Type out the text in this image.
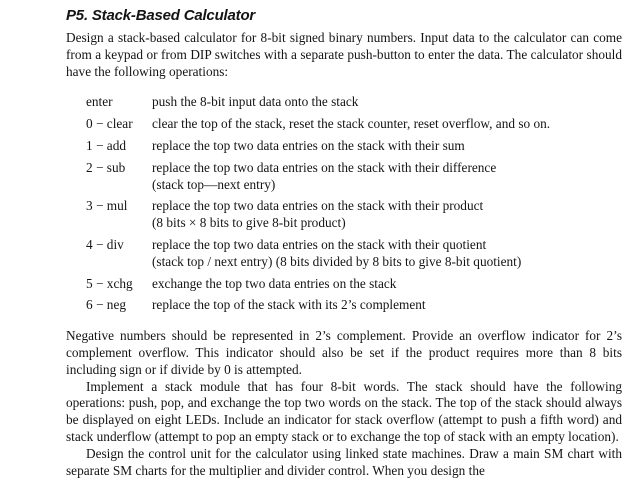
P5. Stack-Based Calculator

Design a stack-based calculator for 8-bit signed binary numbers. Input data to the calculator can come from a keypad or from DIP switches with a separate push-button to enter the data. The calculator should have the following operations:

enter	push the 8-bit input data onto the stack
0 − clear	clear the top of the stack, reset the stack counter, reset overflow, and so on.
1 − add	replace the top two data entries on the stack with their sum
2 − sub	replace the top two data entries on the stack with their difference
(stack top—next entry)
3 − mul	replace the top two data entries on the stack with their product
(8 bits × 8 bits to give 8-bit product)
4 − div	replace the top two data entries on the stack with their quotient
(stack top / next entry) (8 bits divided by 8 bits to give 8-bit quotient)
5 − xchg	exchange the top two data entries on the stack
6 − neg	replace the top of the stack with its 2’s complement

Negative numbers should be represented in 2’s complement. Provide an overflow indicator for 2’s complement overflow. This indicator should also be set if the product requires more than 8 bits including sign or if divide by 0 is attempted.

Implement a stack module that has four 8-bit words. The stack should have the following operations: push, pop, and exchange the top two words on the stack. The top of the stack should always be displayed on eight LEDs. Include an indicator for stack overflow (attempt to push a fifth word) and stack underflow (attempt to pop an empty stack or to exchange the top of stack with an empty location).

Design the control unit for the calculator using linked state machines. Draw a main SM chart with separate SM charts for the multiplier and divider control. When you design the
